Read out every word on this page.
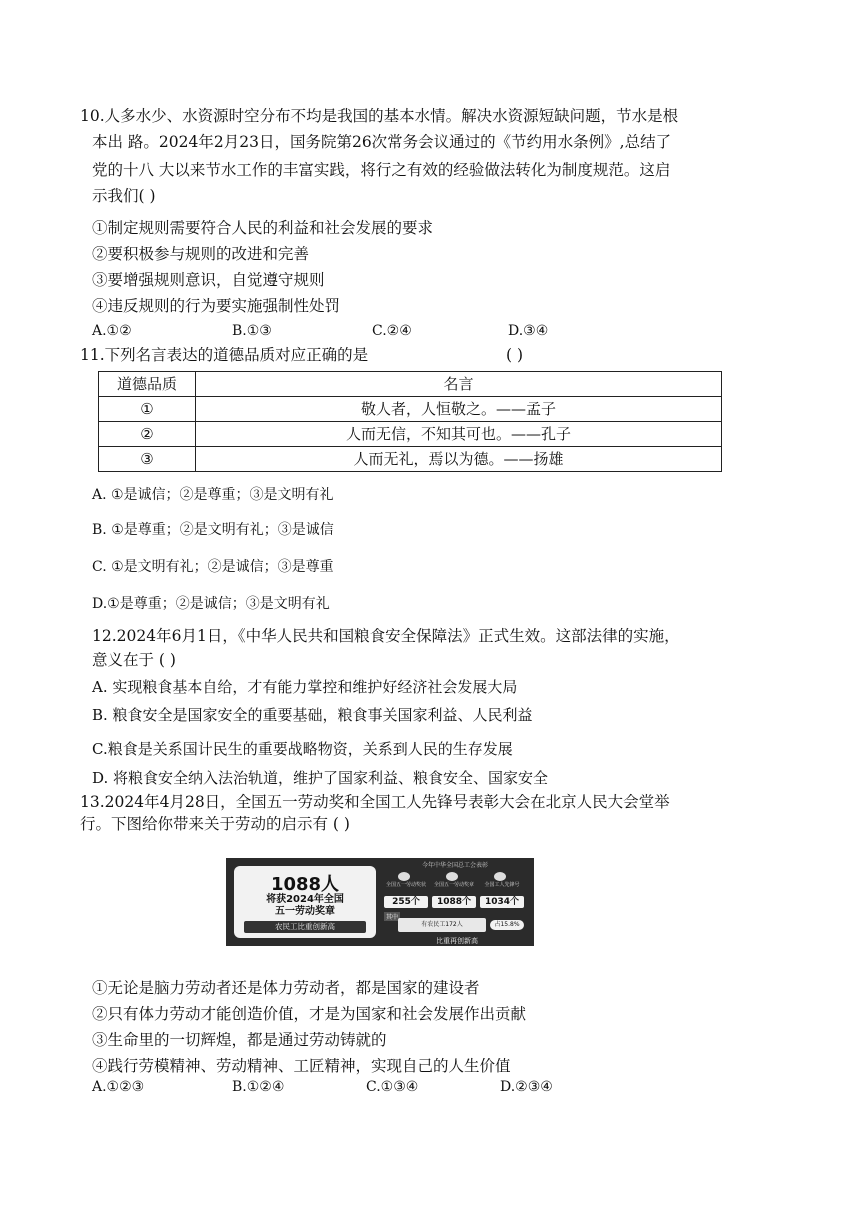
10.人多水少、水资源时空分布不均是我国的基本水情。解决水资源短缺问题，节水是根
本出 路。2024年2月23日，国务院第26次常务会议通过的《节约用水条例》,总结了
党的十八 大以来节水工作的丰富实践，将行之有效的经验做法转化为制度规范。这启
示我们( )
①制定规则需要符合人民的利益和社会发展的要求
②要积极参与规则的改进和完善
③要增强规则意识，自觉遵守规则
④违反规则的行为要实施强制性处罚
A.①②	B.①③	C.②④	D.③④
11.下列名言表达的道德品质对应正确的是	( )
道德品质	名言
①	敬人者，人恒敬之。——孟子
②	人而无信，不知其可也。——孔子
③	人而无礼，焉以为德。——扬雄
A. ①是诚信；②是尊重；③是文明有礼
B. ①是尊重；②是文明有礼；③是诚信
C. ①是文明有礼；②是诚信；③是尊重
D.①是尊重；②是诚信；③是文明有礼
12.2024年6月1日，《中华人民共和国粮食安全保障法》正式生效。这部法律的实施，
意义在于 ( )
A. 实现粮食基本自给，才有能力掌控和维护好经济社会发展大局
B. 粮食安全是国家安全的重要基础，粮食事关国家利益、人民利益
C.粮食是关系国计民生的重要战略物资，关系到人民的生存发展
D. 将粮食安全纳入法治轨道，维护了国家利益、粮食安全、国家安全
13.2024年4月28日，全国五一劳动奖和全国工人先锋号表彰大会在北京人民大会堂举
行。下图给你带来关于劳动的启示有 ( )
1088人
将获2024年全国
五一劳动奖章
农民工比重创新高
今年中华全国总工会表彰
全国五一劳动奖状
255个
全国五一劳动奖章
1088个
全国工人先锋号
1034个
其中
有农民工172人	占15.8%
比重再创新高
①无论是脑力劳动者还是体力劳动者，都是国家的建设者
②只有体力劳动才能创造价值，才是为国家和社会发展作出贡献
③生命里的一切辉煌，都是通过劳动铸就的
④践行劳模精神、劳动精神、工匠精神，实现自己的人生价值
A.①②③	B.①②④	C.①③④	D.②③④
